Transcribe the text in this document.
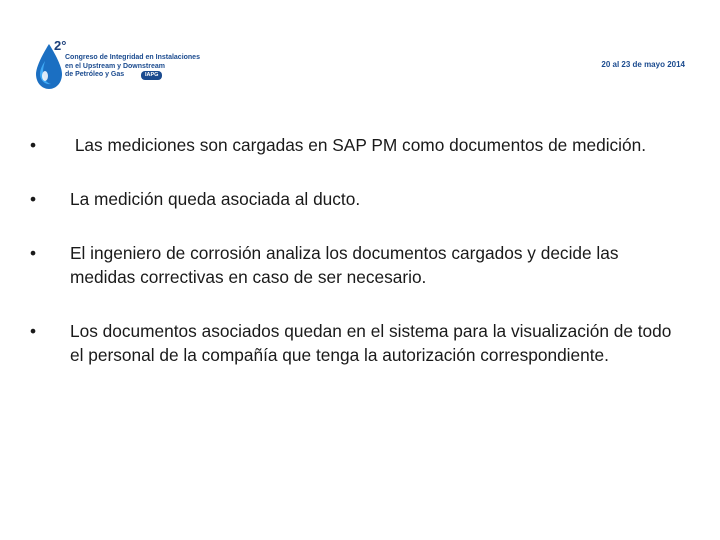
2°
Congreso de Integridad en Instalaciones
en el Upstream y Downstream
de Petróleo y Gas	IAPG
20 al 23 de mayo 2014
•	Las mediciones son cargadas en SAP PM como documentos de medición.
•	La medición queda asociada al ducto.
•	El ingeniero de corrosión analiza los documentos cargados y decide las medidas correctivas en caso de ser necesario.
•	Los documentos asociados quedan en el sistema para la visualización de todo el personal de la compañía que tenga la autorización correspondiente.
